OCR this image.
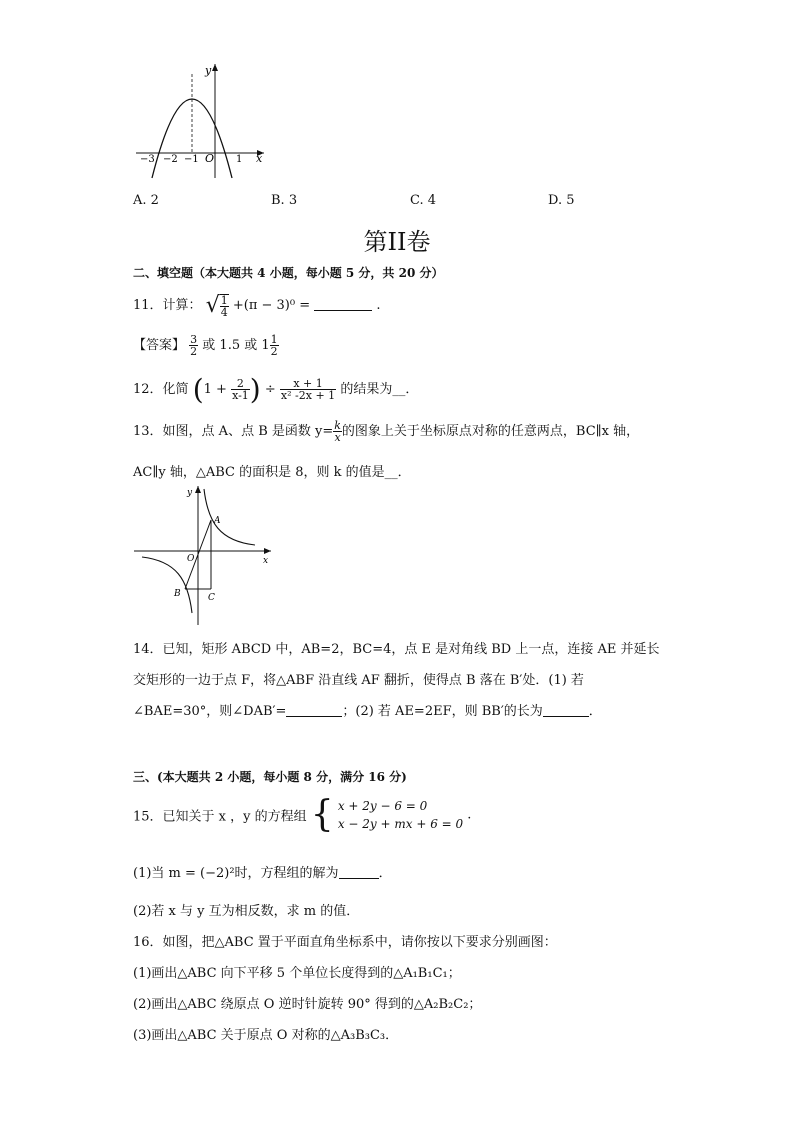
y
x
O
−3 −2 −1	1
A. 2	B. 3	C. 4	D. 5
第II卷
二、填空题（本大题共 4 小题，每小题 5 分，共 20 分）
11．计算： √ $\frac{1}{4} +(\pi - 3)^0$ =	.
【答案】 $\frac{3}{2}$ 或 1.5 或 $1 \frac{1}{2}$
12．化简 ($1 + \frac{2}{x-1}$ ) ÷ $\frac{x + 1}{\text{x² -2x + 1}}$ 的结果为__．
13．如图，点 A、点 B 是函数 $y= \frac{k}{x}$ 的图象上关于坐标原点对称的任意两点，BC∥x 轴，
AC∥y 轴，△ABC 的面积是 8，则 k 的值是__．
y
x
O
A
B	C
14．已知，矩形 ABCD 中，AB=2，BC=4，点 E 是对角线 BD 上一点，连接 AE 并延长
交矩形的一边于点 F，将△ABF 沿直线 AF 翻折，使得点 B 落在 B′处．(1) 若
∠BAE=30°，则∠DAB′=	；(2) 若 AE=2EF，则 BB′的长为	．
三、(本大题共 2 小题，每小题 8 分，满分 16 分)
15．已知关于 x ，y 的方程组 { x + 2y − 6 = 0
x − 2y + mx + 6 = 0
.
(1)当 m = (−2)²时，方程组的解为	．
(2)若 x 与 y 互为相反数，求 m 的值．
16．如图，把△ABC 置于平面直角坐标系中，请你按以下要求分别画图：
(1)画出△ABC 向下平移 5 个单位长度得到的△A₁B₁C₁；
(2)画出△ABC 绕原点 O 逆时针旋转 90° 得到的△A₂B₂C₂；
(3)画出△ABC 关于原点 O 对称的△A₃B₃C₃．
